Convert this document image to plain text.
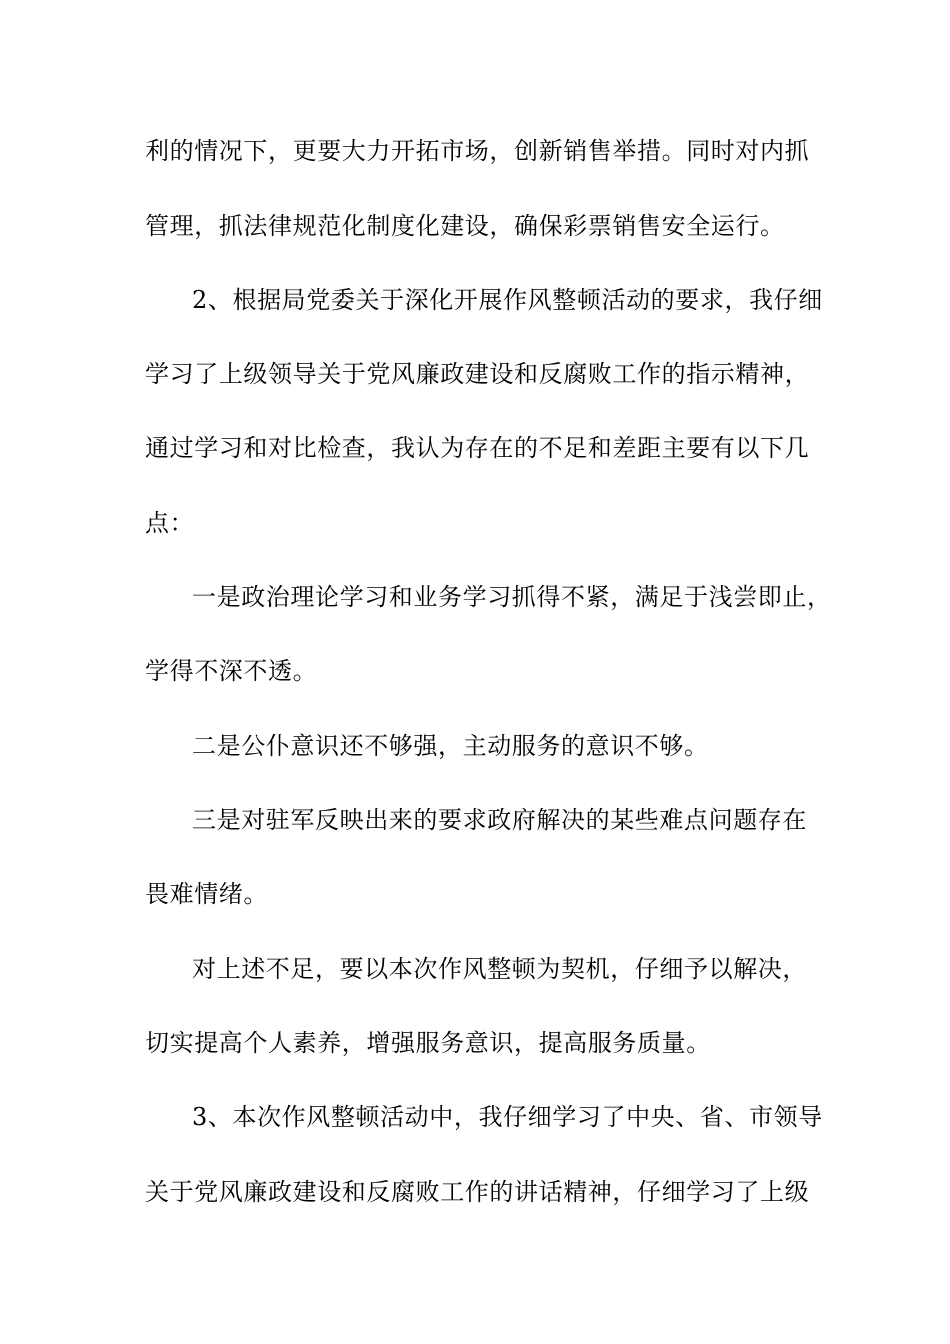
利的情况下，更要大力开拓市场，创新销售举措。同时对内抓
管理，抓法律规范化制度化建设，确保彩票销售安全运行。
2、根据局党委关于深化开展作风整顿活动的要求，我仔细
学习了上级领导关于党风廉政建设和反腐败工作的指示精神，
通过学习和对比检查，我认为存在的不足和差距主要有以下几
点：
一是政治理论学习和业务学习抓得不紧，满足于浅尝即止，
学得不深不透。
二是公仆意识还不够强，主动服务的意识不够。
三是对驻军反映出来的要求政府解决的某些难点问题存在
畏难情绪。
对上述不足，要以本次作风整顿为契机，仔细予以解决，
切实提高个人素养，增强服务意识，提高服务质量。
3、本次作风整顿活动中，我仔细学习了中央、省、市领导
关于党风廉政建设和反腐败工作的讲话精神，仔细学习了上级
